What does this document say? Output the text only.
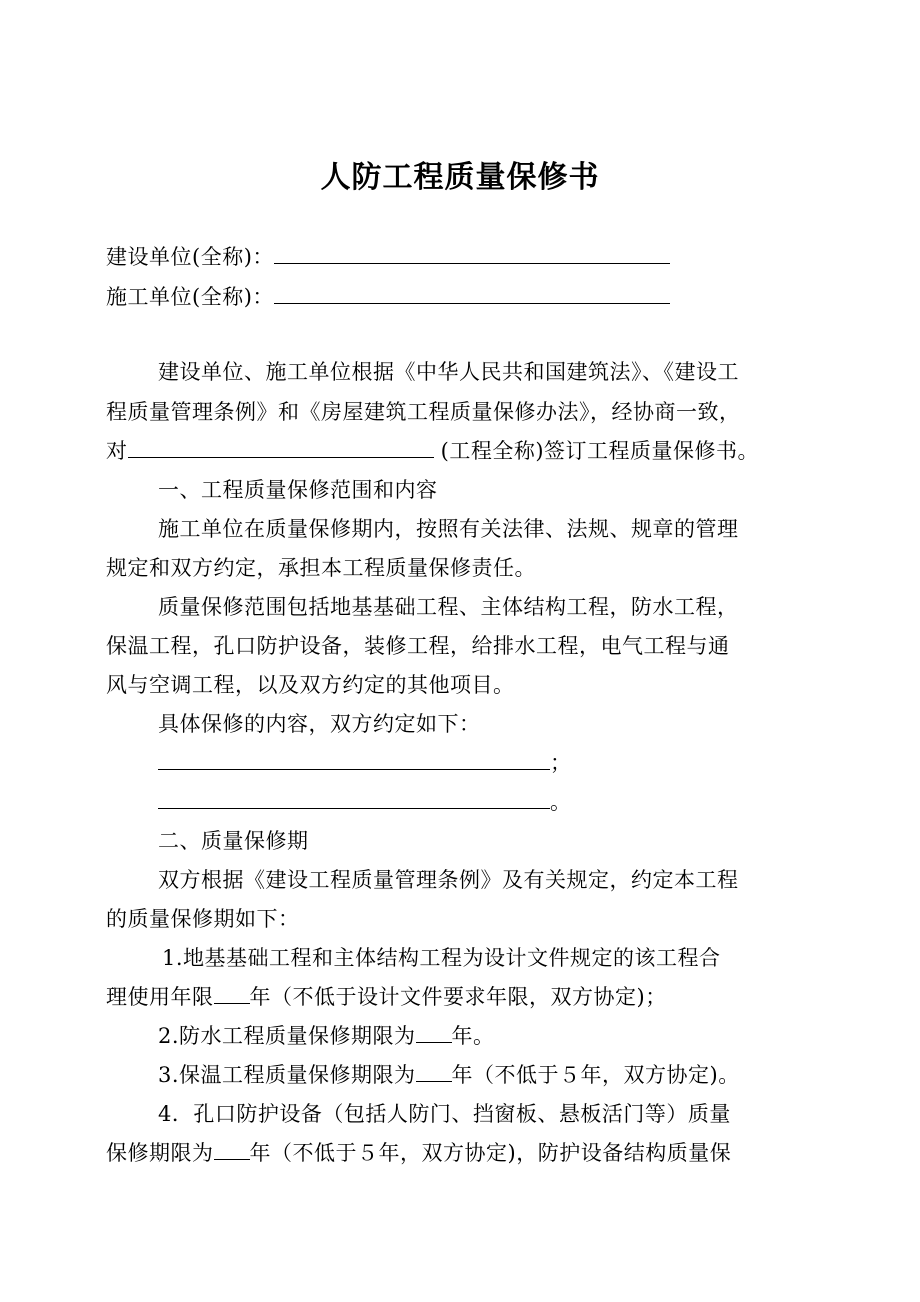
人防工程质量保修书
建设单位(全称)：
施工单位(全称)：
建设单位、施工单位根据《中华人民共和国建筑法》、《建设工
程质量管理条例》和《房屋建筑工程质量保修办法》，经协商一致，
对	(工程全称)签订工程质量保修书。
一、工程质量保修范围和内容
施工单位在质量保修期内，按照有关法律、法规、规章的管理
规定和双方约定，承担本工程质量保修责任。
质量保修范围包括地基基础工程、主体结构工程，防水工程，
保温工程，孔口防护设备，装修工程，给排水工程，电气工程与通
风与空调工程，以及双方约定的其他项目。
具体保修的内容，双方约定如下：
；
。
二、质量保修期
双方根据《建设工程质量管理条例》及有关规定，约定本工程
的质量保修期如下：
1.地基基础工程和主体结构工程为设计文件规定的该工程合
理使用年限 年（不低于设计文件要求年限，双方协定)；
2.防水工程质量保修期限为 年。
3.保温工程质量保修期限为 年（不低于５年，双方协定)。
4．孔口防护设备（包括人防门、挡窗板、悬板活门等）质量
保修期限为 年（不低于５年，双方协定)，防护设备结构质量保
